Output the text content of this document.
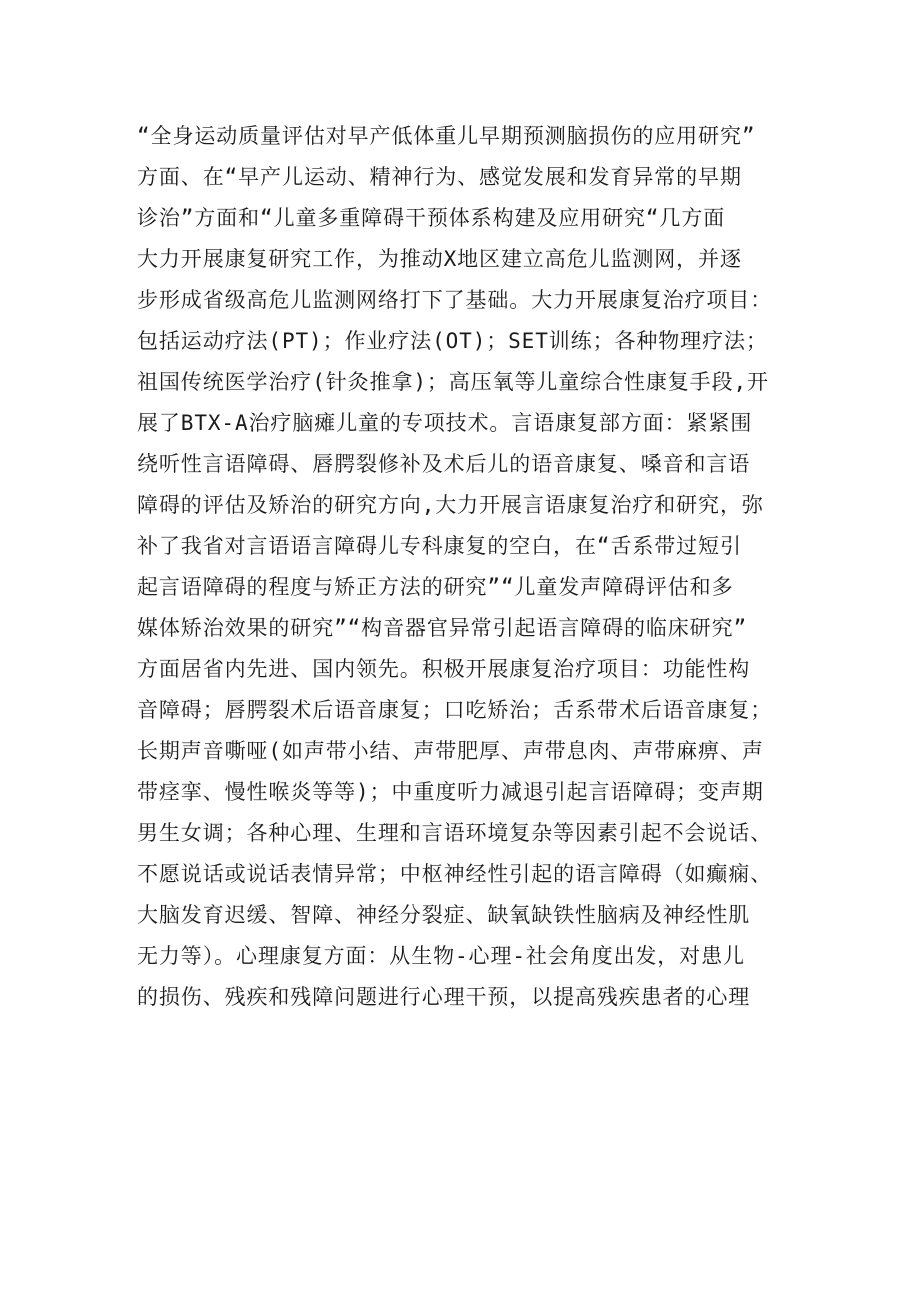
“全身运动质量评估对早产低体重儿早期预测脑损伤的应用研究”
方面、在“早产儿运动、精神行为、感觉发展和发育异常的早期
诊治”方面和“儿童多重障碍干预体系构建及应用研究“几方面
大力开展康复研究工作，为推动X地区建立高危儿监测网，并逐
步形成省级高危儿监测网络打下了基础。大力开展康复治疗项目：
包括运动疗法(PT)；作业疗法(OT)；SET训练；各种物理疗法；
祖国传统医学治疗(针灸推拿)；高压氧等儿童综合性康复手段,开
展了BTX-A治疗脑瘫儿童的专项技术。言语康复部方面：紧紧围
绕听性言语障碍、唇腭裂修补及术后儿的语音康复、嗓音和言语
障碍的评估及矫治的研究方向,大力开展言语康复治疗和研究，弥
补了我省对言语语言障碍儿专科康复的空白，在“舌系带过短引
起言语障碍的程度与矫正方法的研究”“儿童发声障碍评估和多
媒体矫治效果的研究”“构音器官异常引起语言障碍的临床研究”
方面居省内先进、国内领先。积极开展康复治疗项目：功能性构
音障碍；唇腭裂术后语音康复；口吃矫治；舌系带术后语音康复；
长期声音嘶哑(如声带小结、声带肥厚、声带息肉、声带麻痹、声
带痉挛、慢性喉炎等等)；中重度听力减退引起言语障碍；变声期
男生女调；各种心理、生理和言语环境复杂等因素引起不会说话、
不愿说话或说话表情异常；中枢神经性引起的语言障碍（如癫痫、
大脑发育迟缓、智障、神经分裂症、缺氧缺铁性脑病及神经性肌
无力等）。心理康复方面：从生物-心理-社会角度出发，对患儿
的损伤、残疾和残障问题进行心理干预，以提高残疾患者的心理
